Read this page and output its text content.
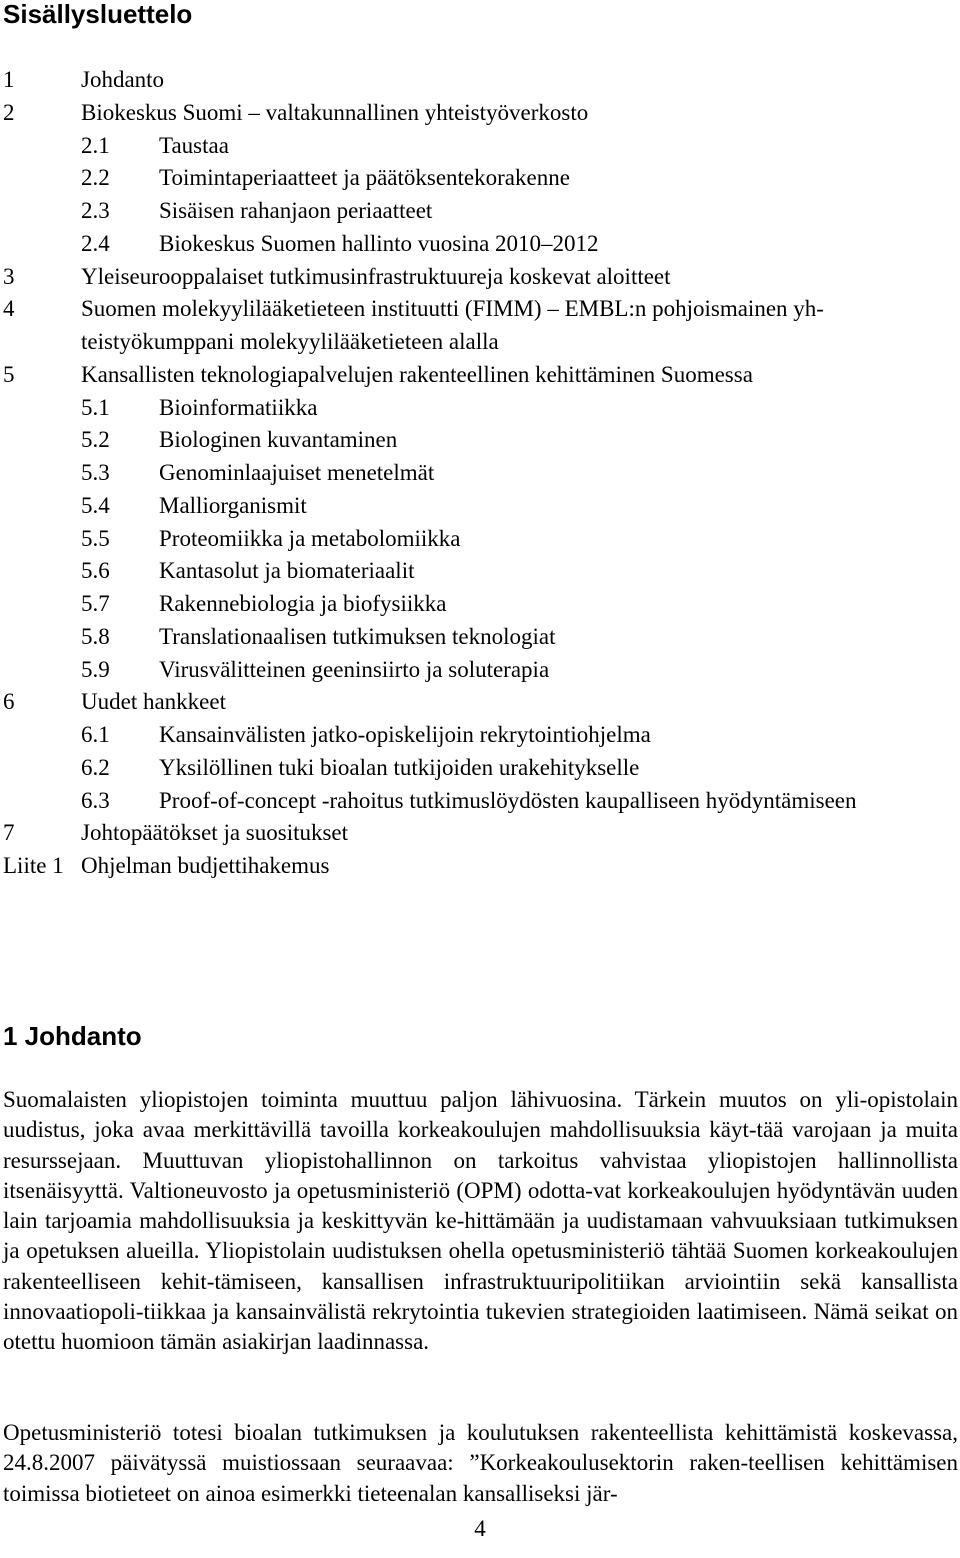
Sisällysluettelo
1	Johdanto
2	Biokeskus Suomi – valtakunnallinen yhteistyöverkosto
2.1 Taustaa
2.2 Toimintaperiaatteet ja päätöksentekorakenne
2.3 Sisäisen rahanjaon periaatteet
2.4 Biokeskus Suomen hallinto vuosina 2010–2012
3	Yleiseurooppalaiset tutkimusinfrastruktuureja koskevat aloitteet
4	Suomen molekyylilääketieteen instituutti (FIMM) – EMBL:n pohjoismainen yh-
teistyökumppani molekyylilääketieteen alalla
5	Kansallisten teknologiapalvelujen rakenteellinen kehittäminen Suomessa
5.1 Bioinformatiikka
5.2 Biologinen kuvantaminen
5.3 Genominlaajuiset menetelmät
5.4 Malliorganismit
5.5 Proteomiikka ja metabolomiikka
5.6 Kantasolut ja biomateriaalit
5.7 Rakennebiologia ja biofysiikka
5.8 Translationaalisen tutkimuksen teknologiat
5.9 Virusvälitteinen geeninsiirto ja soluterapia
6	Uudet hankkeet
6.1 Kansainvälisten jatko-opiskelijoin rekrytointiohjelma
6.2 Yksilöllinen tuki bioalan tutkijoiden urakehitykselle
6.3 Proof-of-concept -rahoitus tutkimuslöydösten kaupalliseen hyödyntämiseen
7	Johtopäätökset ja suositukset
Liite 1 Ohjelman budjettihakemus
1 Johdanto

Suomalaisten yliopistojen toiminta muuttuu paljon lähivuosina. Tärkein muutos on yli-opistolain uudistus, joka avaa merkittävillä tavoilla korkeakoulujen mahdollisuuksia käyt-tää varojaan ja muita resurssejaan. Muuttuvan yliopistohallinnon on tarkoitus vahvistaa yliopistojen hallinnollista itsenäisyyttä. Valtioneuvosto ja opetusministeriö (OPM) odotta-vat korkeakoulujen hyödyntävän uuden lain tarjoamia mahdollisuuksia ja keskittyvän ke-hittämään ja uudistamaan vahvuuksiaan tutkimuksen ja opetuksen alueilla. Yliopistolain uudistuksen ohella opetusministeriö tähtää Suomen korkeakoulujen rakenteelliseen kehit-tämiseen, kansallisen infrastruktuuripolitiikan arviointiin sekä kansallista innovaatiopoli-tiikkaa ja kansainvälistä rekrytointia tukevien strategioiden laatimiseen. Nämä seikat on otettu huomioon tämän asiakirjan laadinnassa.

Opetusministeriö totesi bioalan tutkimuksen ja koulutuksen rakenteellista kehittämistä koskevassa, 24.8.2007 päivätyssä muistiossaan seuraavaa: ”Korkeakoulusektorin raken-teellisen kehittämisen toimissa biotieteet on ainoa esimerkki tieteenalan kansalliseksi jär-

4
